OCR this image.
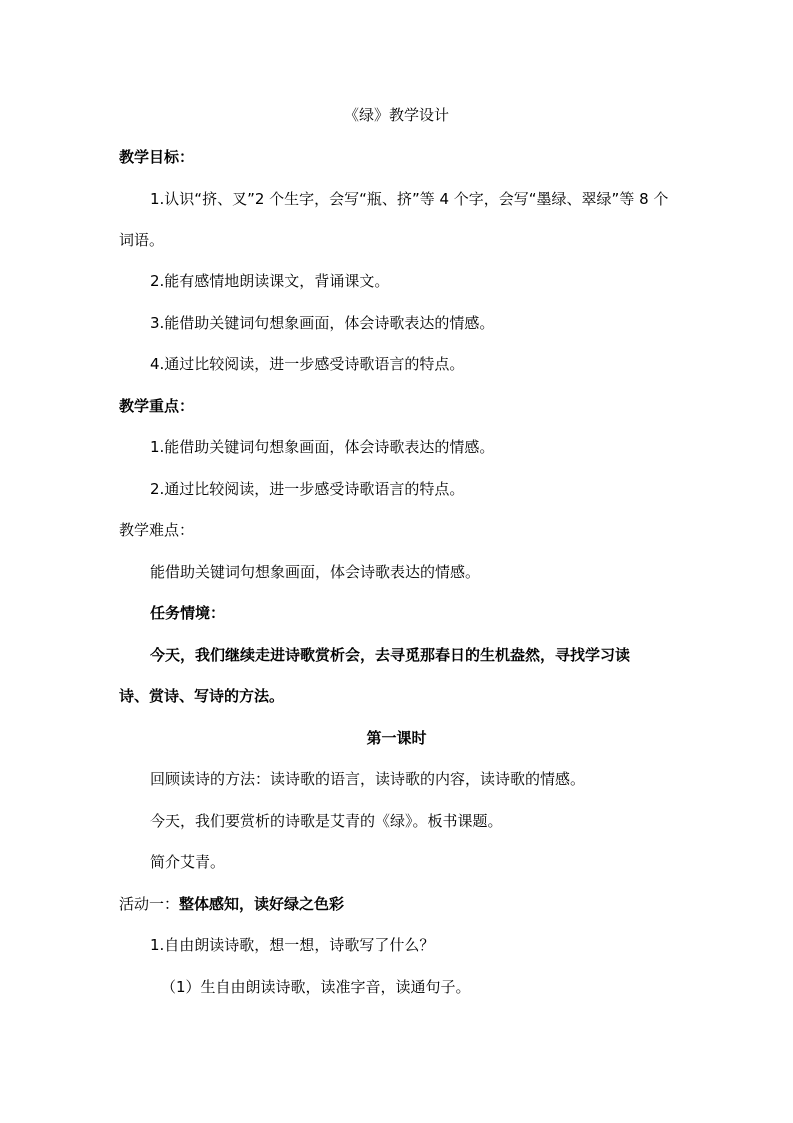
《绿》教学设计
教学目标：
1.认识“挤、叉”2 个生字，会写“瓶、挤”等 4 个字，会写“墨绿、翠绿”等 8 个
词语。
2.能有感情地朗读课文，背诵课文。
3.能借助关键词句想象画面，体会诗歌表达的情感。
4.通过比较阅读，进一步感受诗歌语言的特点。
教学重点：
1.能借助关键词句想象画面，体会诗歌表达的情感。
2.通过比较阅读，进一步感受诗歌语言的特点。
教学难点：
能借助关键词句想象画面，体会诗歌表达的情感。
任务情境：
今天，我们继续走进诗歌赏析会，去寻觅那春日的生机盎然，寻找学习读
诗、赏诗、写诗的方法。
第一课时
回顾读诗的方法：读诗歌的语言，读诗歌的内容，读诗歌的情感。
今天，我们要赏析的诗歌是艾青的《绿》。板书课题。
简介艾青。
活动一：整体感知，读好绿之色彩
1.自由朗读诗歌，想一想，诗歌写了什么？
（1）生自由朗读诗歌，读准字音，读通句子。
